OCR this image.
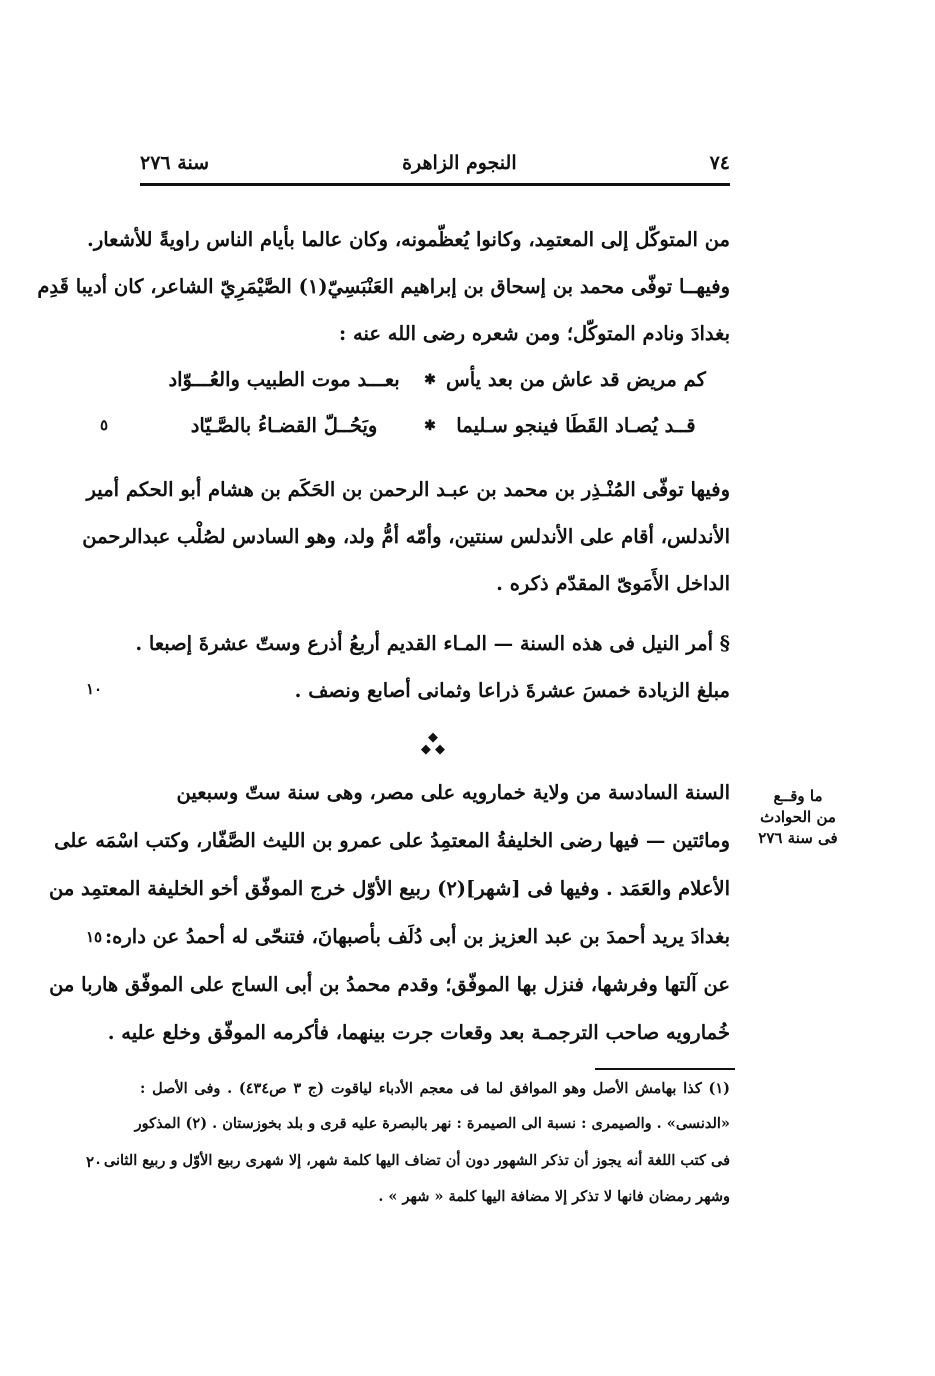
٧٤
النجوم الزاهرة
سنة ٢٧٦
من المتوكّل إلى المعتمِد، وكانوا يُعظّمونه، وكان عالما بأيام الناس راويةً للأشعار.
وفيهــا توفّى محمد بن إسحاق بن إبراهيم العَنْبَسِيّ(١) الصَّيْمَرِيّ الشاعر، كان أديبا قَدِم
بغدادَ ونادم المتوكّل؛ ومن شعره رضى الله عنه :
كم مريض قد عاش من بعد يأس
✱
بعـــد موت الطبيب والعُـــوّاد
قــد يُصـاد القَطَا فينجو سـليما
✱
ويَحُــلّ القضـاءُ بالصَّـيّاد
وفيها توفّى المُنْـذِر بن محمد بن عبـد الرحمن بن الحَكَم بن هشام أبو الحكم أمير
الأندلس، أقام على الأندلس سنتين، وأمّه أمُّ ولد، وهو السادس لصُلْب عبدالرحمن
الداخل الأَمَوىّ المقدّم ذكره .
§ أمر النيل فى هذه السنة — المـاء القديم أربعُ أذرع وستّ عشرةَ إصبعا .
مبلغ الزيادة خمسَ عشرةَ ذراعا وثمانى أصابع ونصف .
◆
◆ ◆
ما وقــع
من الحوادث
فى سنة ٢٧٦
السنة السادسة من ولاية خمارويه على مصر، وهى سنة ستّ وسبعين
ومائتين — فيها رضى الخليفةُ المعتمِدُ على عمرو بن الليث الصَّفّار، وكتب اسْمَه على
الأعلام والعَمَد . وفيها فى [شهر](٢) ربيع الأوّل خرج الموفّق أخو الخليفة المعتمِد من
بغدادَ يريد أحمدَ بن عبد العزيز بن أبى دُلَف بأصبهانَ، فتنحّى له أحمدُ عن داره:
عن آلتها وفرشها، فنزل بها الموفّق؛ وقدم محمدُ بن أبى الساج على الموفّق هاربا من
خُمارويه صاحب الترجمـة بعد وقعات جرت بينهما، فأكرمه الموفّق وخلع عليه .
(١) كذا بهامش الأصل وهو الموافق لما فى معجم الأدباء لياقوت (ج ٣ ص٤٣٤) . وفى الأصل :
«الدنسى» . والصيمرى : نسبة الى الصيمرة : نهر بالبصرة عليه قرى و بلد بخوزستان . (٢) المذكور
فى كتب اللغة أنه يجوز أن تذكر الشهور دون أن تضاف اليها كلمة شهر، إلا شهرى ربيع الأوّل و ربيع الثانى
وشهر رمضان فانها لا تذكر إلا مضافة اليها كلمة « شهر » .
٥
١٠
١٥
٢٠
